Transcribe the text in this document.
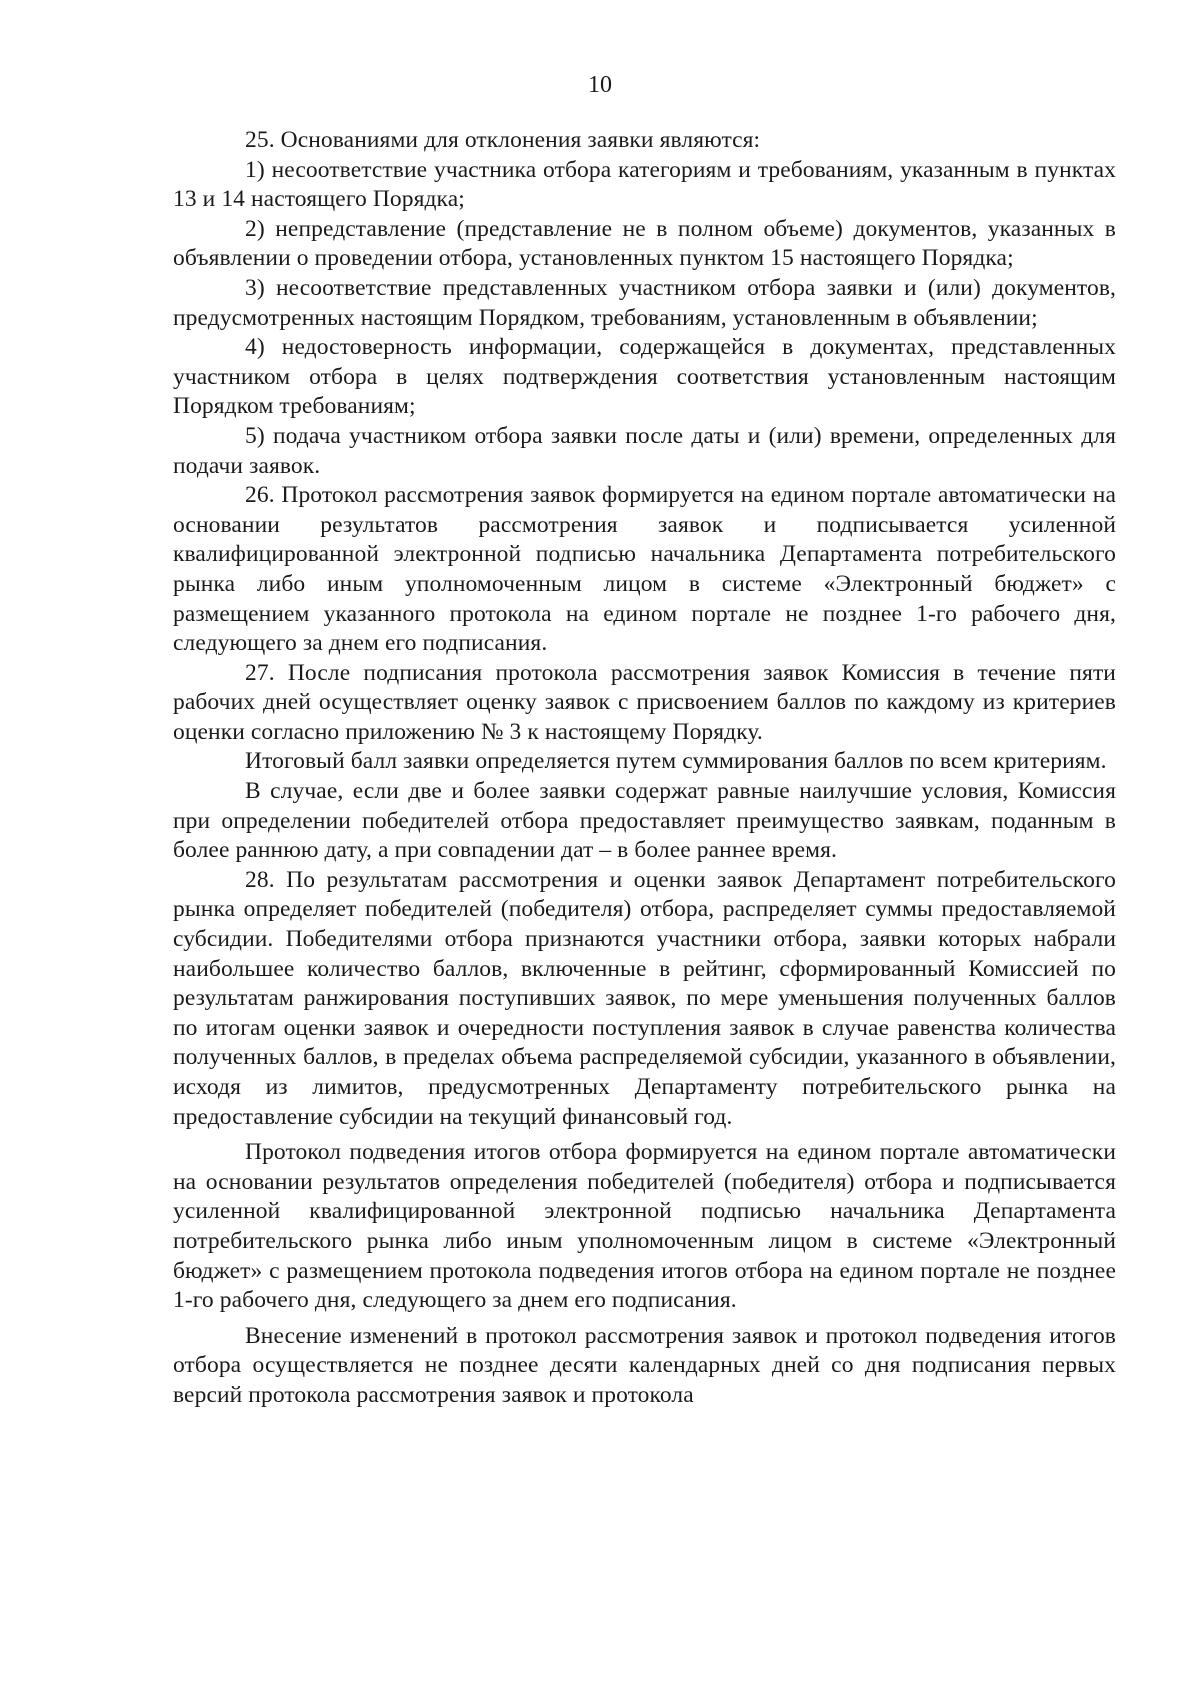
10

25. Основаниями для отклонения заявки являются:

1) несоответствие участника отбора категориям и требованиям, указанным в пунктах 13 и 14 настоящего Порядка;

2) непредставление (представление не в полном объеме) документов, указанных в объявлении о проведении отбора, установленных пунктом 15 настоящего Порядка;

3) несоответствие представленных участником отбора заявки и (или) документов, предусмотренных настоящим Порядком, требованиям, установленным в объявлении;

4) недостоверность информации, содержащейся в документах, представленных участником отбора в целях подтверждения соответствия установленным настоящим Порядком требованиям;

5) подача участником отбора заявки после даты и (или) времени, определенных для подачи заявок.

26. Протокол рассмотрения заявок формируется на едином портале автоматически на основании результатов рассмотрения заявок и подписывается усиленной квалифицированной электронной подписью начальника Департамента потребительского рынка либо иным уполномоченным лицом в системе «Электронный бюджет» с размещением указанного протокола на едином портале не позднее 1-го рабочего дня, следующего за днем его подписания.

27. После подписания протокола рассмотрения заявок Комиссия в течение пяти рабочих дней осуществляет оценку заявок с присвоением баллов по каждому из критериев оценки согласно приложению № 3 к настоящему Порядку.

Итоговый балл заявки определяется путем суммирования баллов по всем критериям.

В случае, если две и более заявки содержат равные наилучшие условия, Комиссия при определении победителей отбора предоставляет преимущество заявкам, поданным в более раннюю дату, а при совпадении дат – в более раннее время.

28. По результатам рассмотрения и оценки заявок Департамент потребительского рынка определяет победителей (победителя) отбора, распределяет суммы предоставляемой субсидии. Победителями отбора признаются участники отбора, заявки которых набрали наибольшее количество баллов, включенные в рейтинг, сформированный Комиссией по результатам ранжирования поступивших заявок, по мере уменьшения полученных баллов по итогам оценки заявок и очередности поступления заявок в случае равенства количества полученных баллов, в пределах объема распределяемой субсидии, указанного в объявлении, исходя из лимитов, предусмотренных Департаменту потребительского рынка на предоставление субсидии на текущий финансовый год.

Протокол подведения итогов отбора формируется на едином портале автоматически на основании результатов определения победителей (победителя) отбора и подписывается усиленной квалифицированной электронной подписью начальника Департамента потребительского рынка либо иным уполномоченным лицом в системе «Электронный бюджет» с размещением протокола подведения итогов отбора на едином портале не позднее 1-го рабочего дня, следующего за днем его подписания.

Внесение изменений в протокол рассмотрения заявок и протокол подведения итогов отбора осуществляется не позднее десяти календарных дней со дня подписания первых версий протокола рассмотрения заявок и протокола
